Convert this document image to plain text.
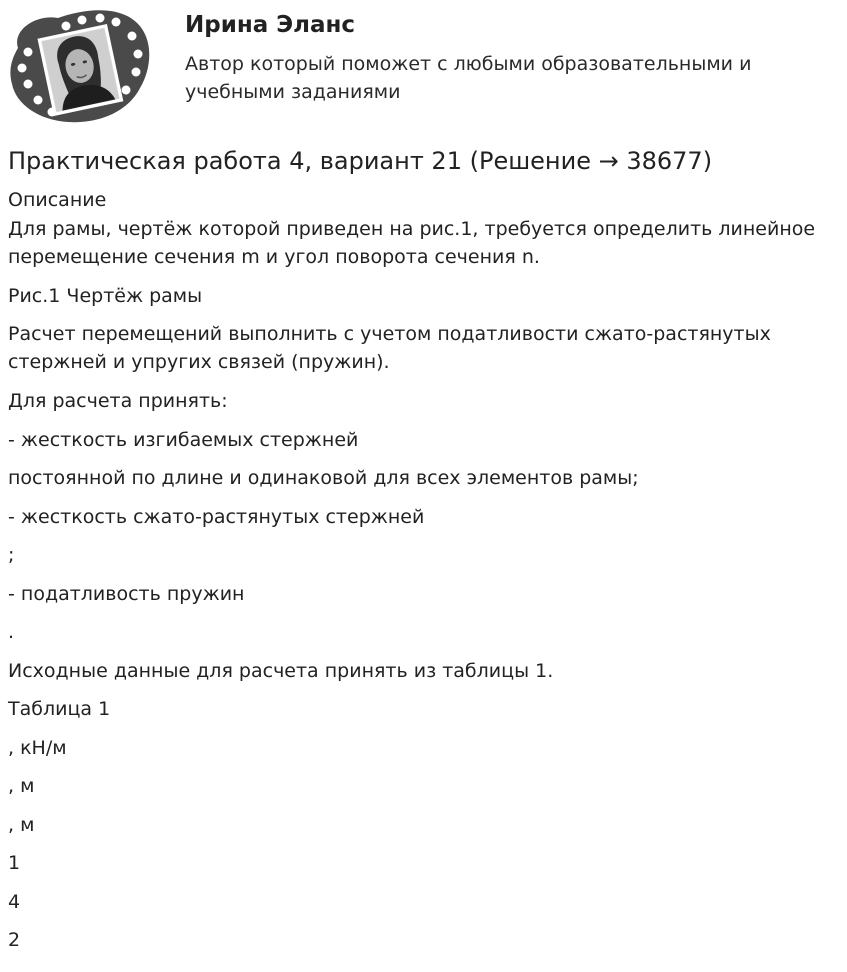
Ирина Эланс
Автор который поможет с любыми образовательными и учебными заданиями
Практическая работа 4, вариант 21 (Решение → 38677)
Описание
Для рамы, чертёж которой приведен на рис.1, требуется определить линейное перемещение сечения m и угол поворота сечения n.
Рис.1 Чертёж рамы
Расчет перемещений выполнить с учетом податливости сжато-растянутых стержней и упругих связей (пружин).
Для расчета принять:
- жесткость изгибаемых стержней
постоянной по длине и одинаковой для всех элементов рамы;
- жесткость сжато-растянутых стержней
;
- податливость пружин
.
Исходные данные для расчета принять из таблицы 1.
Таблица 1
, кН/м
, м
, м
1
4
2
